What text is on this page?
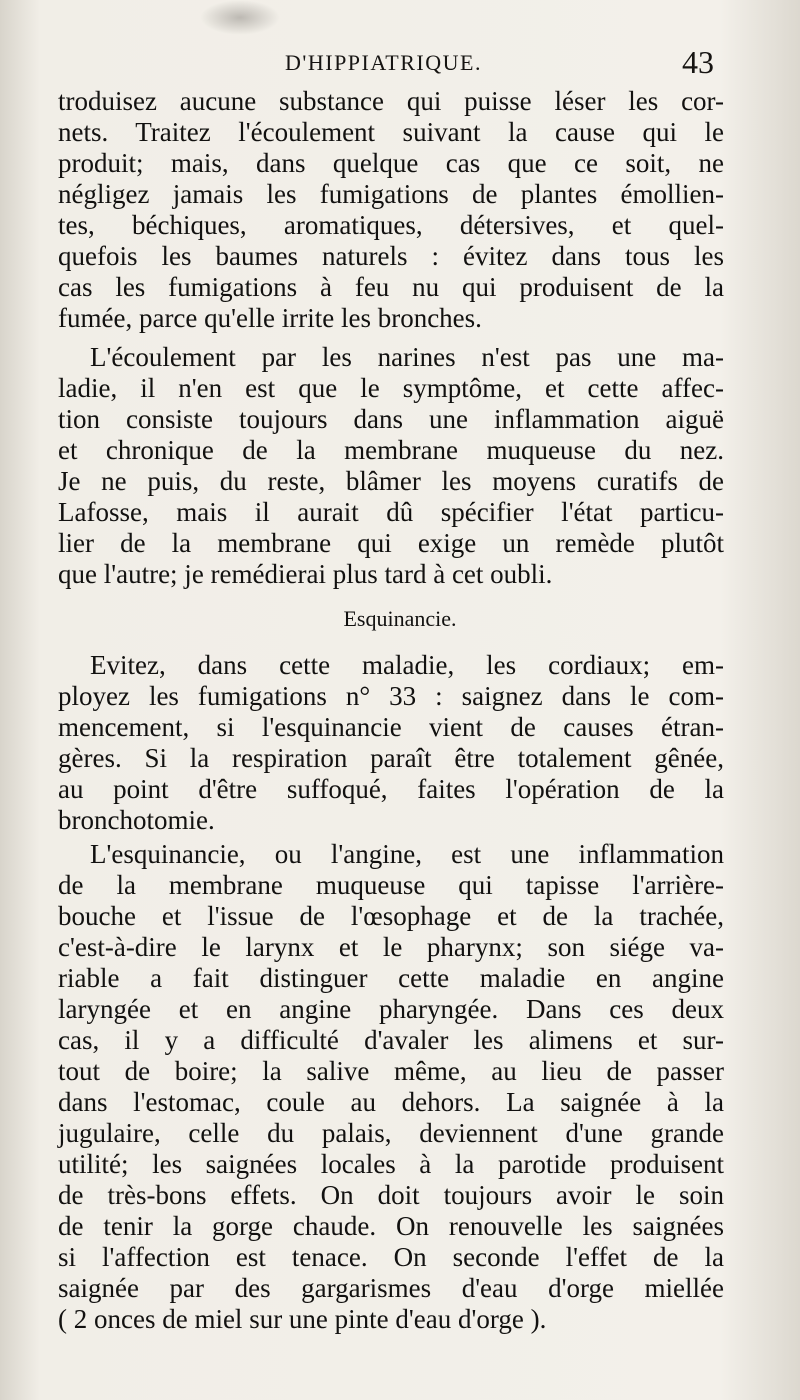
D'HIPPIATRIQUE.	43
troduisez aucune substance qui puisse léser les cor-
nets. Traitez l'écoulement suivant la cause qui le
produit; mais, dans quelque cas que ce soit, ne
négligez jamais les fumigations de plantes émollien-
tes, béchiques, aromatiques, détersives, et quel-
quefois les baumes naturels : évitez dans tous les
cas les fumigations à feu nu qui produisent de la
fumée, parce qu'elle irrite les bronches.
L'écoulement par les narines n'est pas une ma-
ladie, il n'en est que le symptôme, et cette affec-
tion consiste toujours dans une inflammation aiguë
et chronique de la membrane muqueuse du nez.
Je ne puis, du reste, blâmer les moyens curatifs de
Lafosse, mais il aurait dû spécifier l'état particu-
lier de la membrane qui exige un remède plutôt
que l'autre; je remédierai plus tard à cet oubli.
Esquinancie.
Evitez, dans cette maladie, les cordiaux; em-
ployez les fumigations n° 33 : saignez dans le com-
mencement, si l'esquinancie vient de causes étran-
gères. Si la respiration paraît être totalement gênée,
au point d'être suffoqué, faites l'opération de la
bronchotomie.
L'esquinancie, ou l'angine, est une inflammation
de la membrane muqueuse qui tapisse l'arrière-
bouche et l'issue de l'œsophage et de la trachée,
c'est-à-dire le larynx et le pharynx; son siége va-
riable a fait distinguer cette maladie en angine
laryngée et en angine pharyngée. Dans ces deux
cas, il y a difficulté d'avaler les alimens et sur-
tout de boire; la salive même, au lieu de passer
dans l'estomac, coule au dehors. La saignée à la
jugulaire, celle du palais, deviennent d'une grande
utilité; les saignées locales à la parotide produisent
de très-bons effets. On doit toujours avoir le soin
de tenir la gorge chaude. On renouvelle les saignées
si l'affection est tenace. On seconde l'effet de la
saignée par des gargarismes d'eau d'orge miellée
( 2 onces de miel sur une pinte d'eau d'orge ).
